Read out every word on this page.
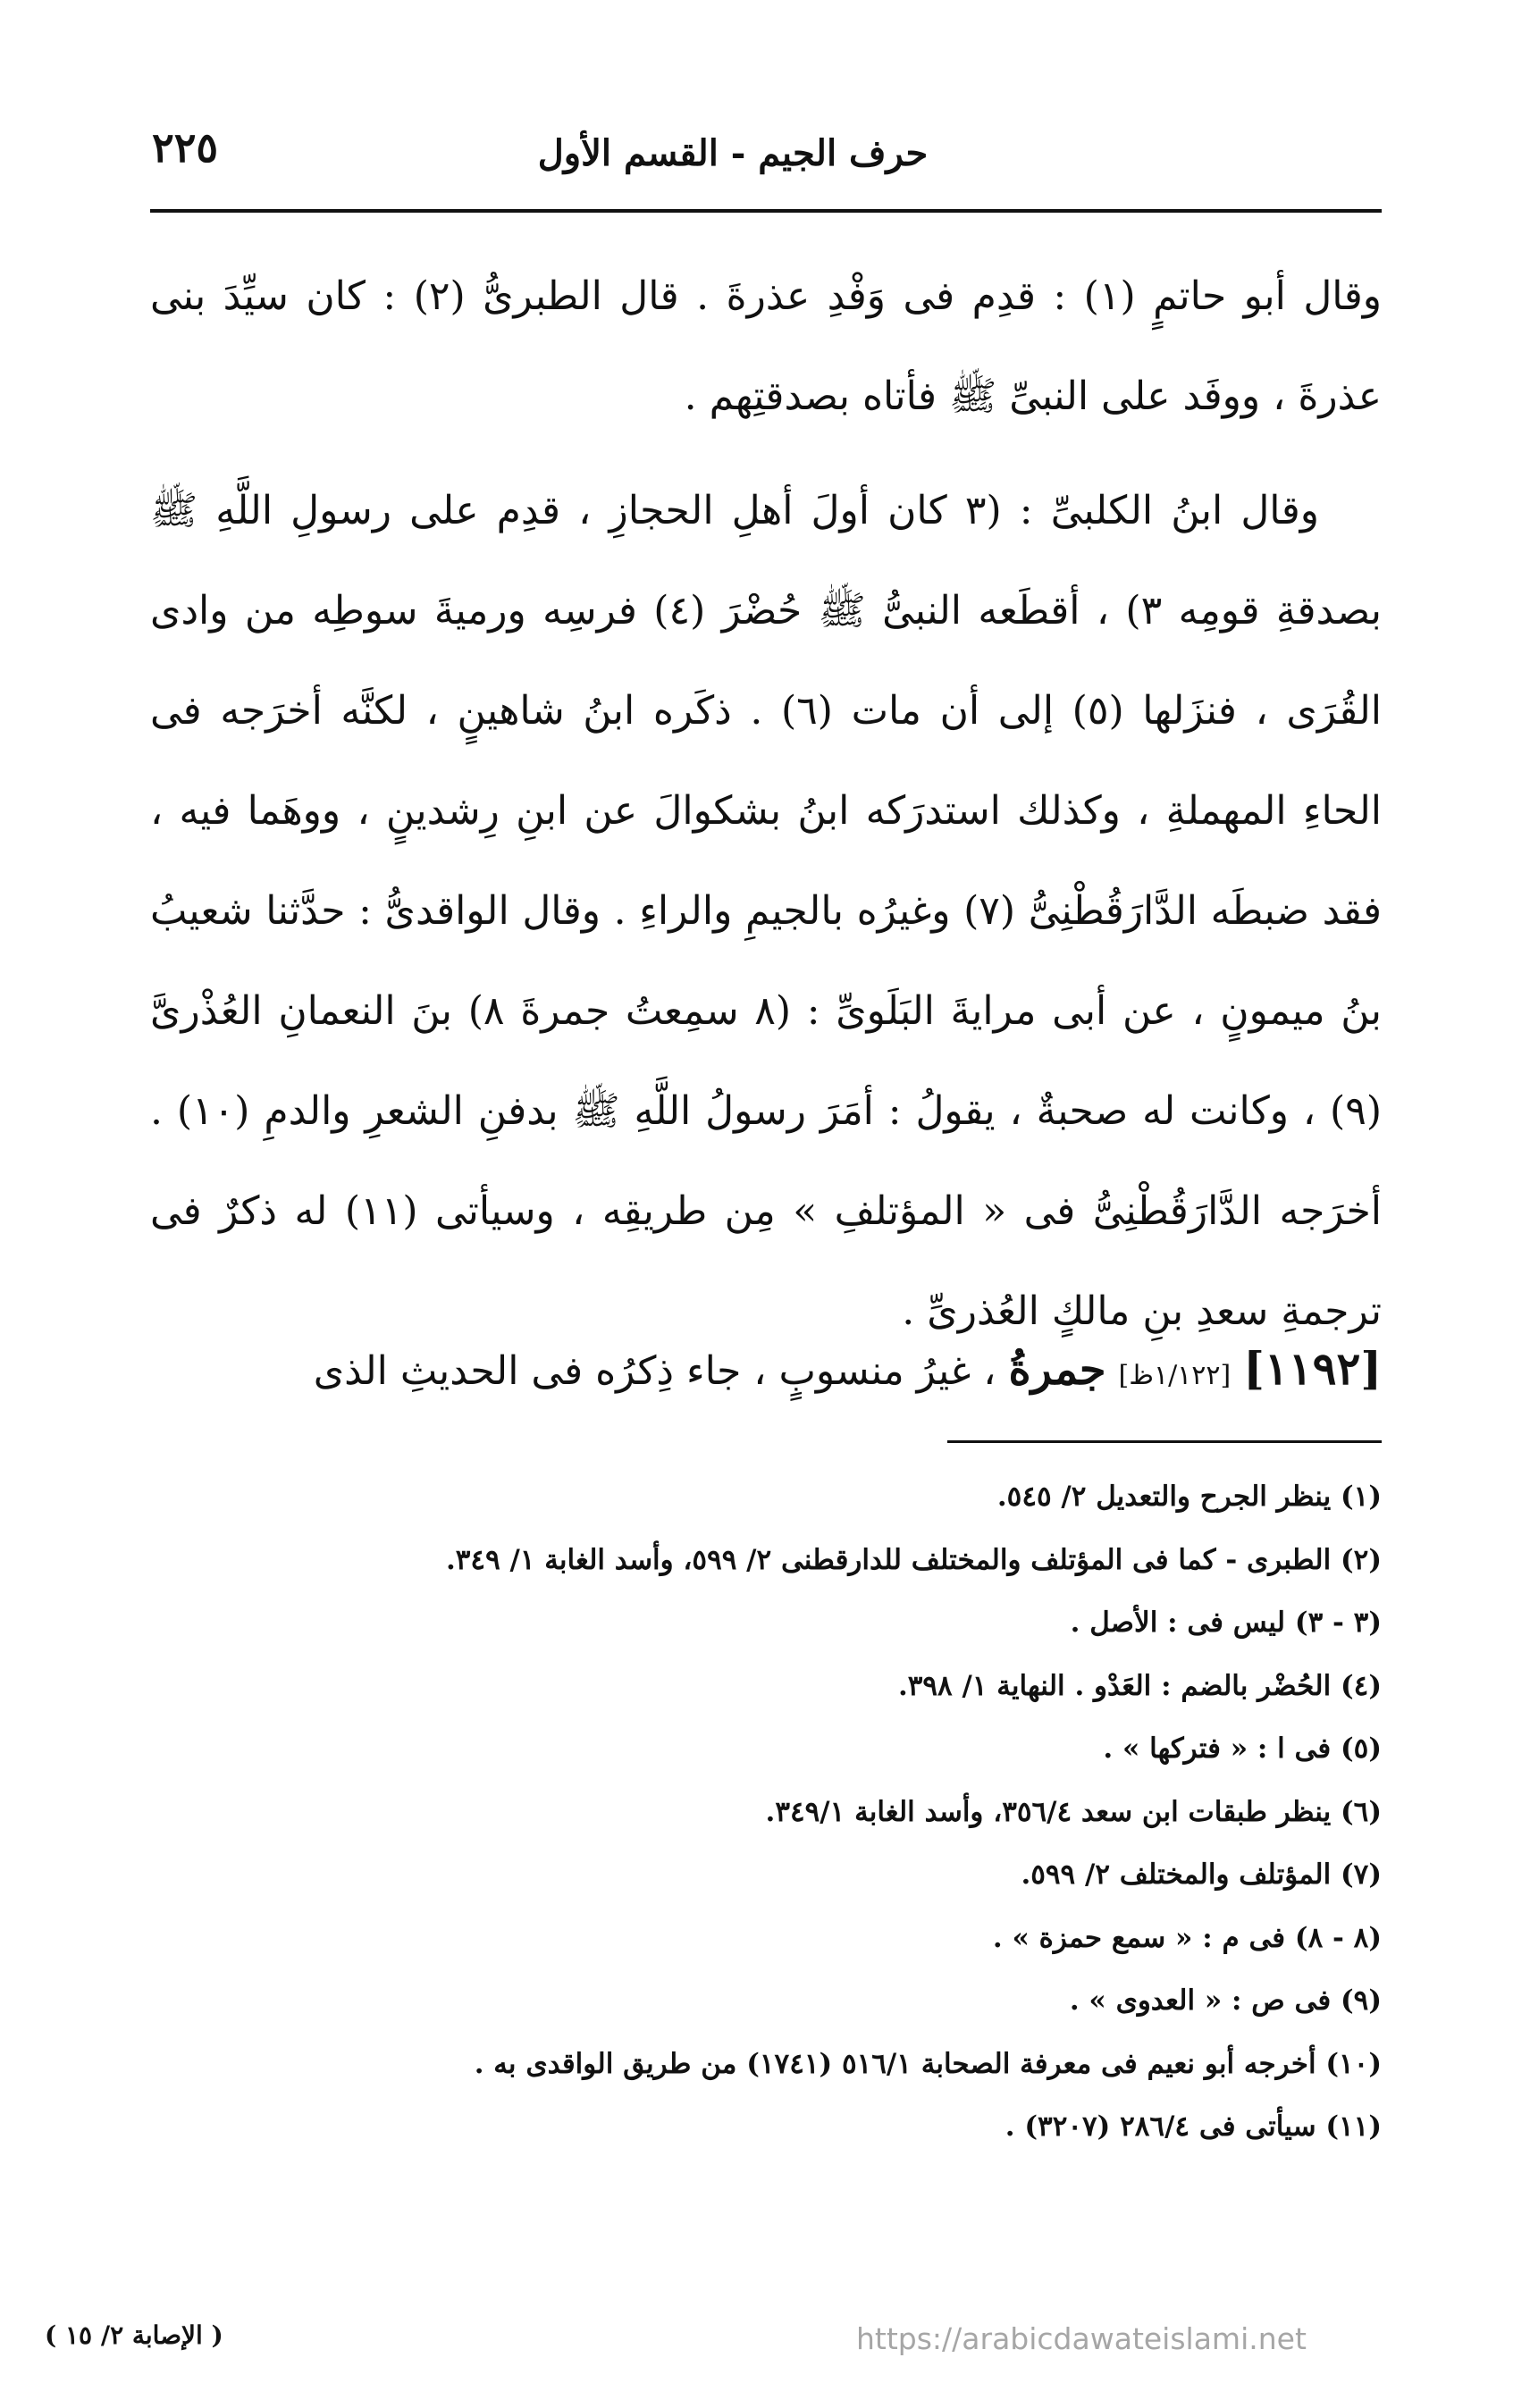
حرف الجيم - القسم الأول
٢٢٥

وقال أبو حاتمٍ (١) : قدِم فى وَفْدِ عذرةَ . قال الطبرىُّ (٢) : كان سيِّدَ بنى عذرةَ ، ووفَد على النبىِّ ﷺ فأتاه بصدقتِهم .

وقال ابنُ الكلبىِّ : (٣ كان أولَ أهلِ الحجازِ ، قدِم على رسولِ اللَّهِ ﷺ بصدقةِ قومِه ٣) ، أقطَعه النبىُّ ﷺ حُضْرَ (٤) فرسِه ورميةَ سوطِه من وادى القُرَى ، فنزَلها (٥) إلى أن مات (٦) . ذكَره ابنُ شاهينٍ ، لكنَّه أخرَجه فى الحاءِ المهملةِ ، وكذلك استدرَكه ابنُ بشكوالَ عن ابنِ رِشدينٍ ، ووهَما فيه ، فقد ضبطَه الدَّارَقُطْنِىُّ (٧) وغيرُه بالجيمِ والراءِ . وقال الواقدىُّ : حدَّثنا شعيبُ بنُ ميمونٍ ، عن أبى مرايةَ البَلَوىِّ : (٨ سمِعتُ جمرةَ ٨) بنَ النعمانِ العُذْرىَّ (٩) ، وكانت له صحبةٌ ، يقولُ : أمَرَ رسولُ اللَّهِ ﷺ بدفنِ الشعرِ والدمِ (١٠) . أخرَجه الدَّارَقُطْنِىُّ فى « المؤتلفِ » مِن طريقِه ، وسيأتى (١١) له ذكرٌ فى ترجمةِ سعدِ بنِ مالكٍ العُذرىِّ .

[١١٩٢] [١/١٢٢ظ] جمرةُ ، غيرُ منسوبٍ ، جاء ذِكرُه فى الحديثِ الذى
(١) ينظر الجرح والتعديل ٢/ ٥٤٥.
(٢) الطبرى - كما فى المؤتلف والمختلف للدارقطنى ٢/ ٥٩٩، وأسد الغابة ١/ ٣٤٩.
(٣ - ٣) ليس فى : الأصل .
(٤) الحُضْر بالضم : العَدْو . النهاية ١/ ٣٩٨.
(٥) فى ا : « فتركها » .
(٦) ينظر طبقات ابن سعد ٣٥٦/٤، وأسد الغابة ٣٤٩/١.
(٧) المؤتلف والمختلف ٢/ ٥٩٩.
(٨ - ٨) فى م : « سمع حمزة » .
(٩) فى ص : « العدوى » .
(١٠) أخرجه أبو نعيم فى معرفة الصحابة ٥١٦/١ (١٧٤١) من طريق الواقدى به .
(١١) سيأتى فى ٢٨٦/٤ (٣٢٠٧) .
( الإصابة ٢/ ١٥ )	https://arabicdawateislami.net
